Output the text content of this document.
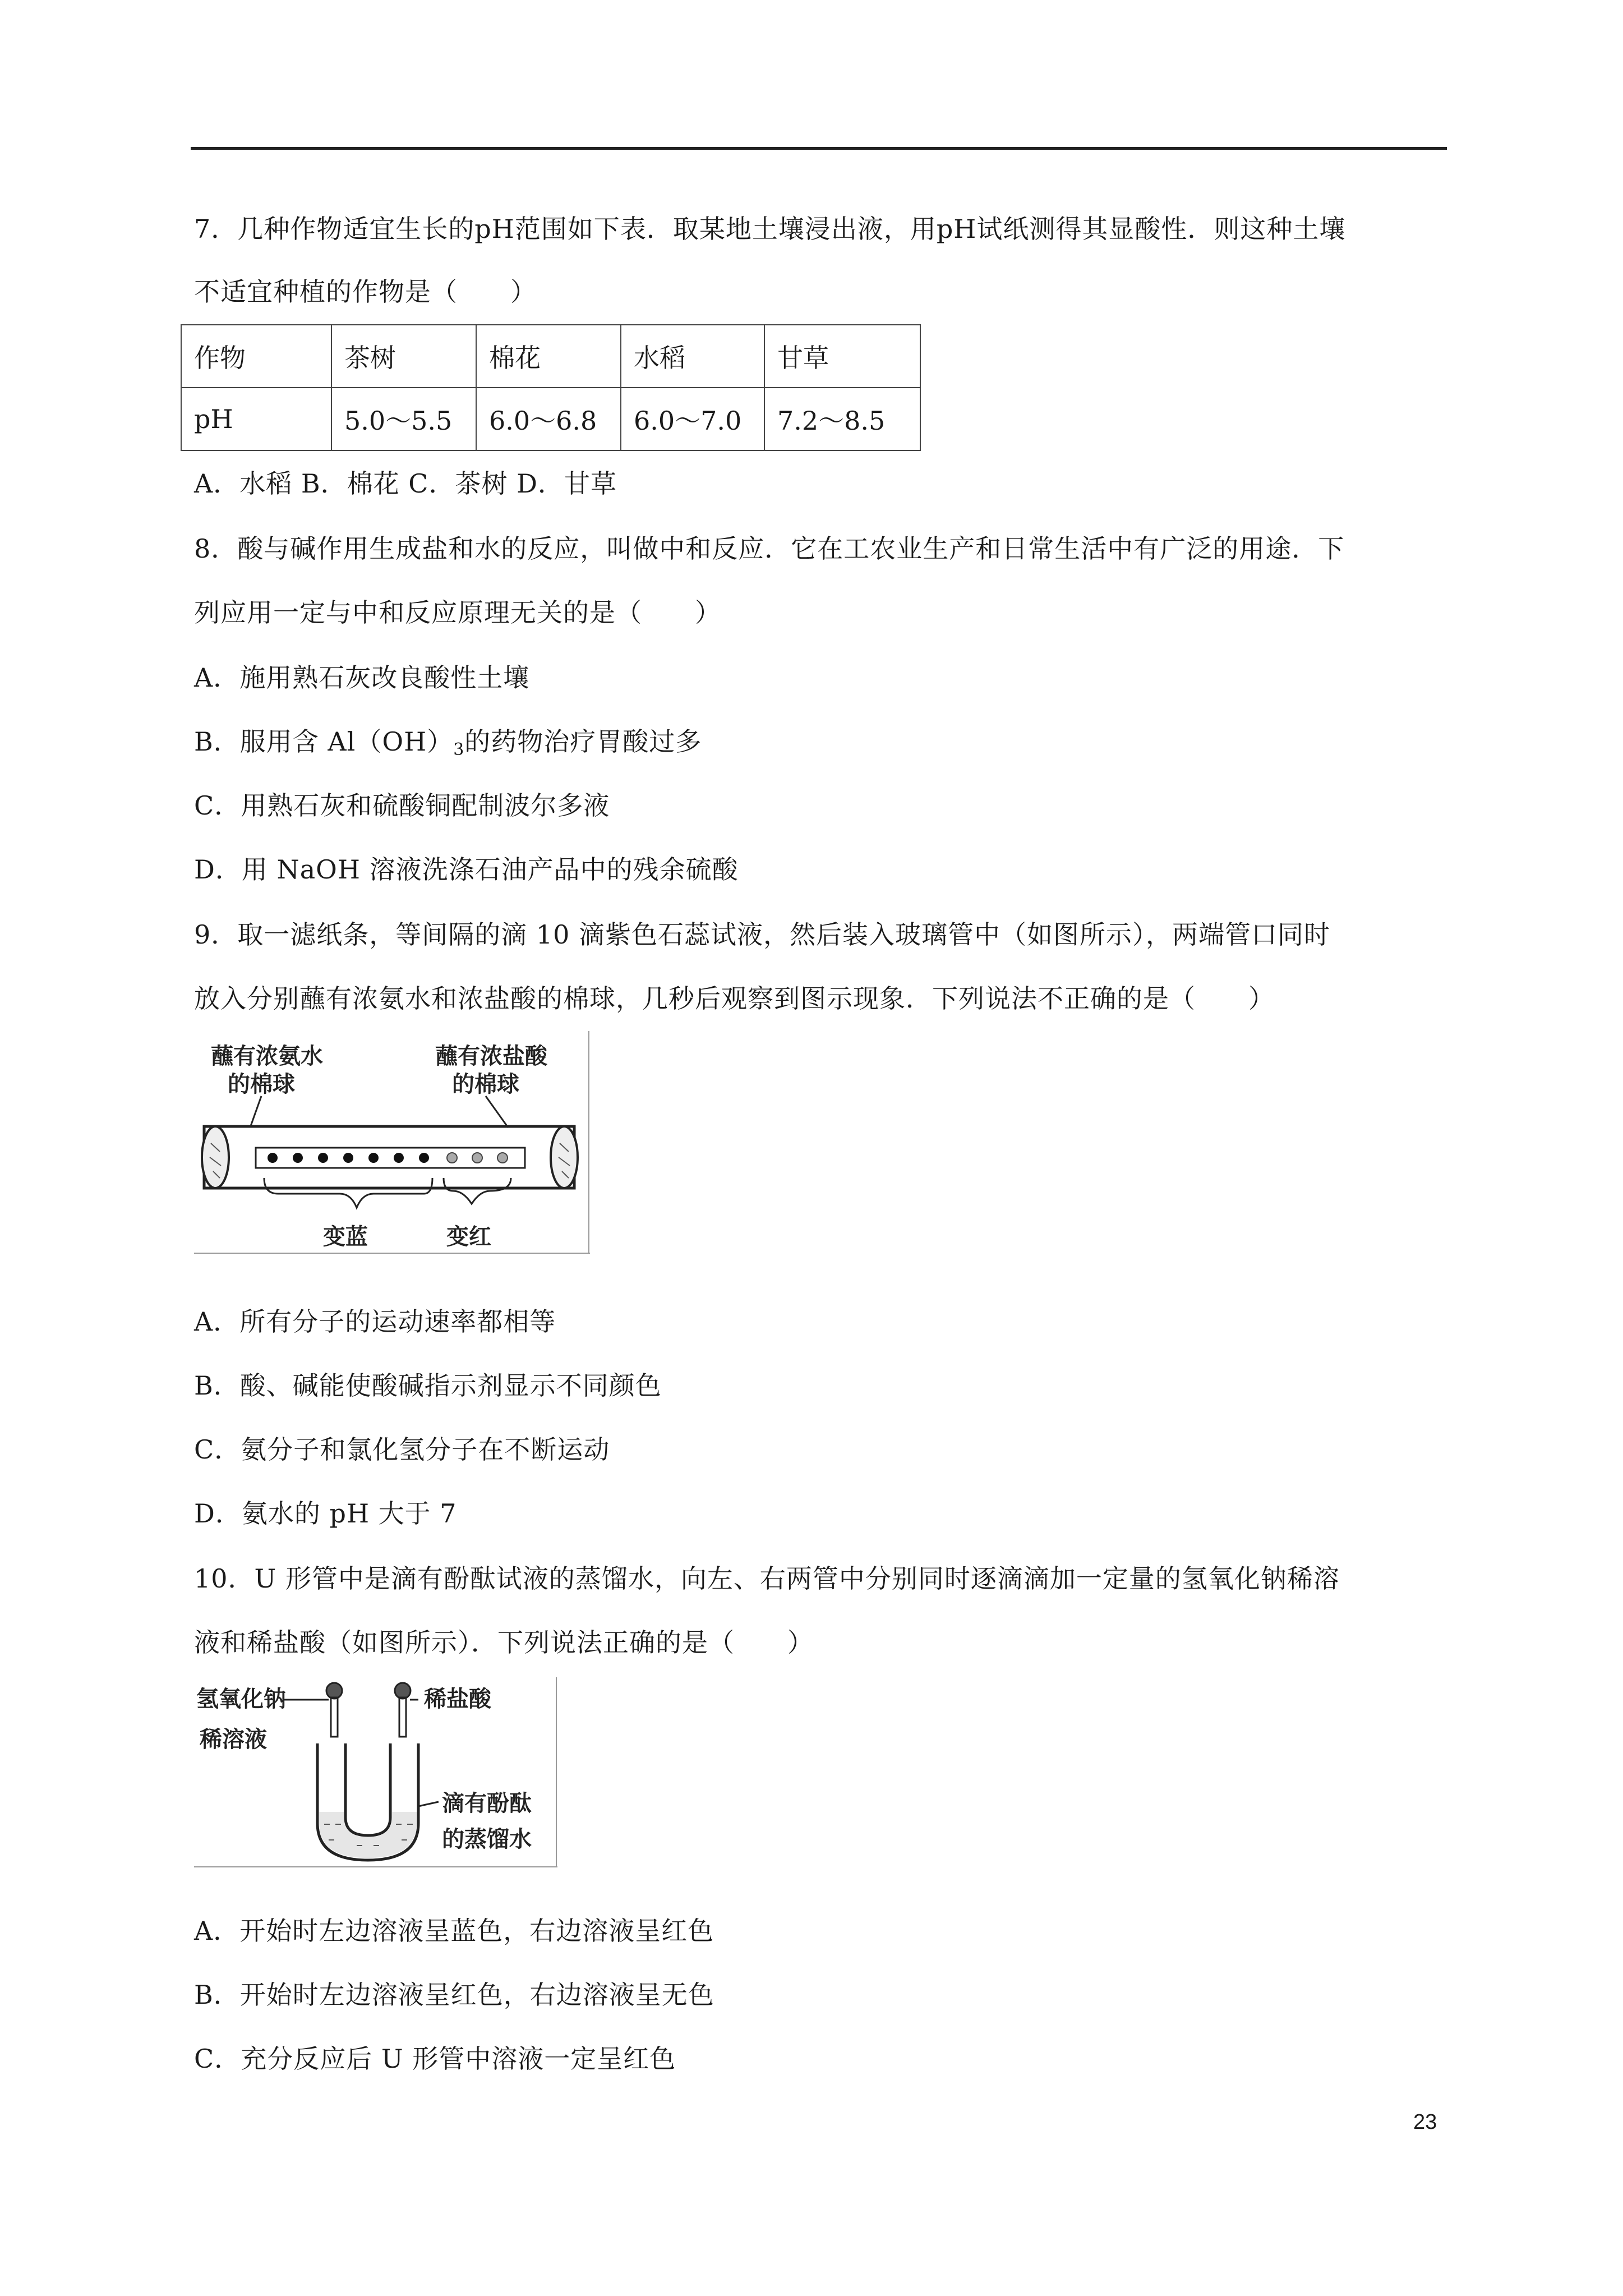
7．几种作物适宜生长的pH范围如下表．取某地土壤浸出液，用pH试纸测得其显酸性．则这种土壤
不适宜种植的作物是（　　）
作物	茶树	棉花	水稻	甘草
pH	5.0～5.5	6.0～6.8	6.0～7.0	7.2～8.5
A．水稻 B．棉花 C．茶树 D．甘草
8．酸与碱作用生成盐和水的反应，叫做中和反应．它在工农业生产和日常生活中有广泛的用途．下
列应用一定与中和反应原理无关的是（　　）
A．施用熟石灰改良酸性土壤
B．服用含 $Al(OH)_3$的药物治疗胃酸过多
C．用熟石灰和硫酸铜配制波尔多液
D．用 NaOH 溶液洗涤石油产品中的残余硫酸
9．取一滤纸条，等间隔的滴 10 滴紫色石蕊试液，然后装入玻璃管中（如图所示），两端管口同时
放入分别蘸有浓氨水和浓盐酸的棉球，几秒后观察到图示现象．下列说法不正确的是（　　）
蘸有浓氨水
的棉球
蘸有浓盐酸
的棉球
变蓝	变红
A．所有分子的运动速率都相等
B．酸、碱能使酸碱指示剂显示不同颜色
C．氨分子和氯化氢分子在不断运动
D．氨水的 pH 大于 7
10．U 形管中是滴有酚酞试液的蒸馏水，向左、右两管中分别同时逐滴滴加一定量的氢氧化钠稀溶
液和稀盐酸（如图所示）．下列说法正确的是（　　）
氢氧化钠
稀溶液
稀盐酸
滴有酚酞
的蒸馏水
A．开始时左边溶液呈蓝色，右边溶液呈红色
B．开始时左边溶液呈红色，右边溶液呈无色
C．充分反应后 U 形管中溶液一定呈红色
23
